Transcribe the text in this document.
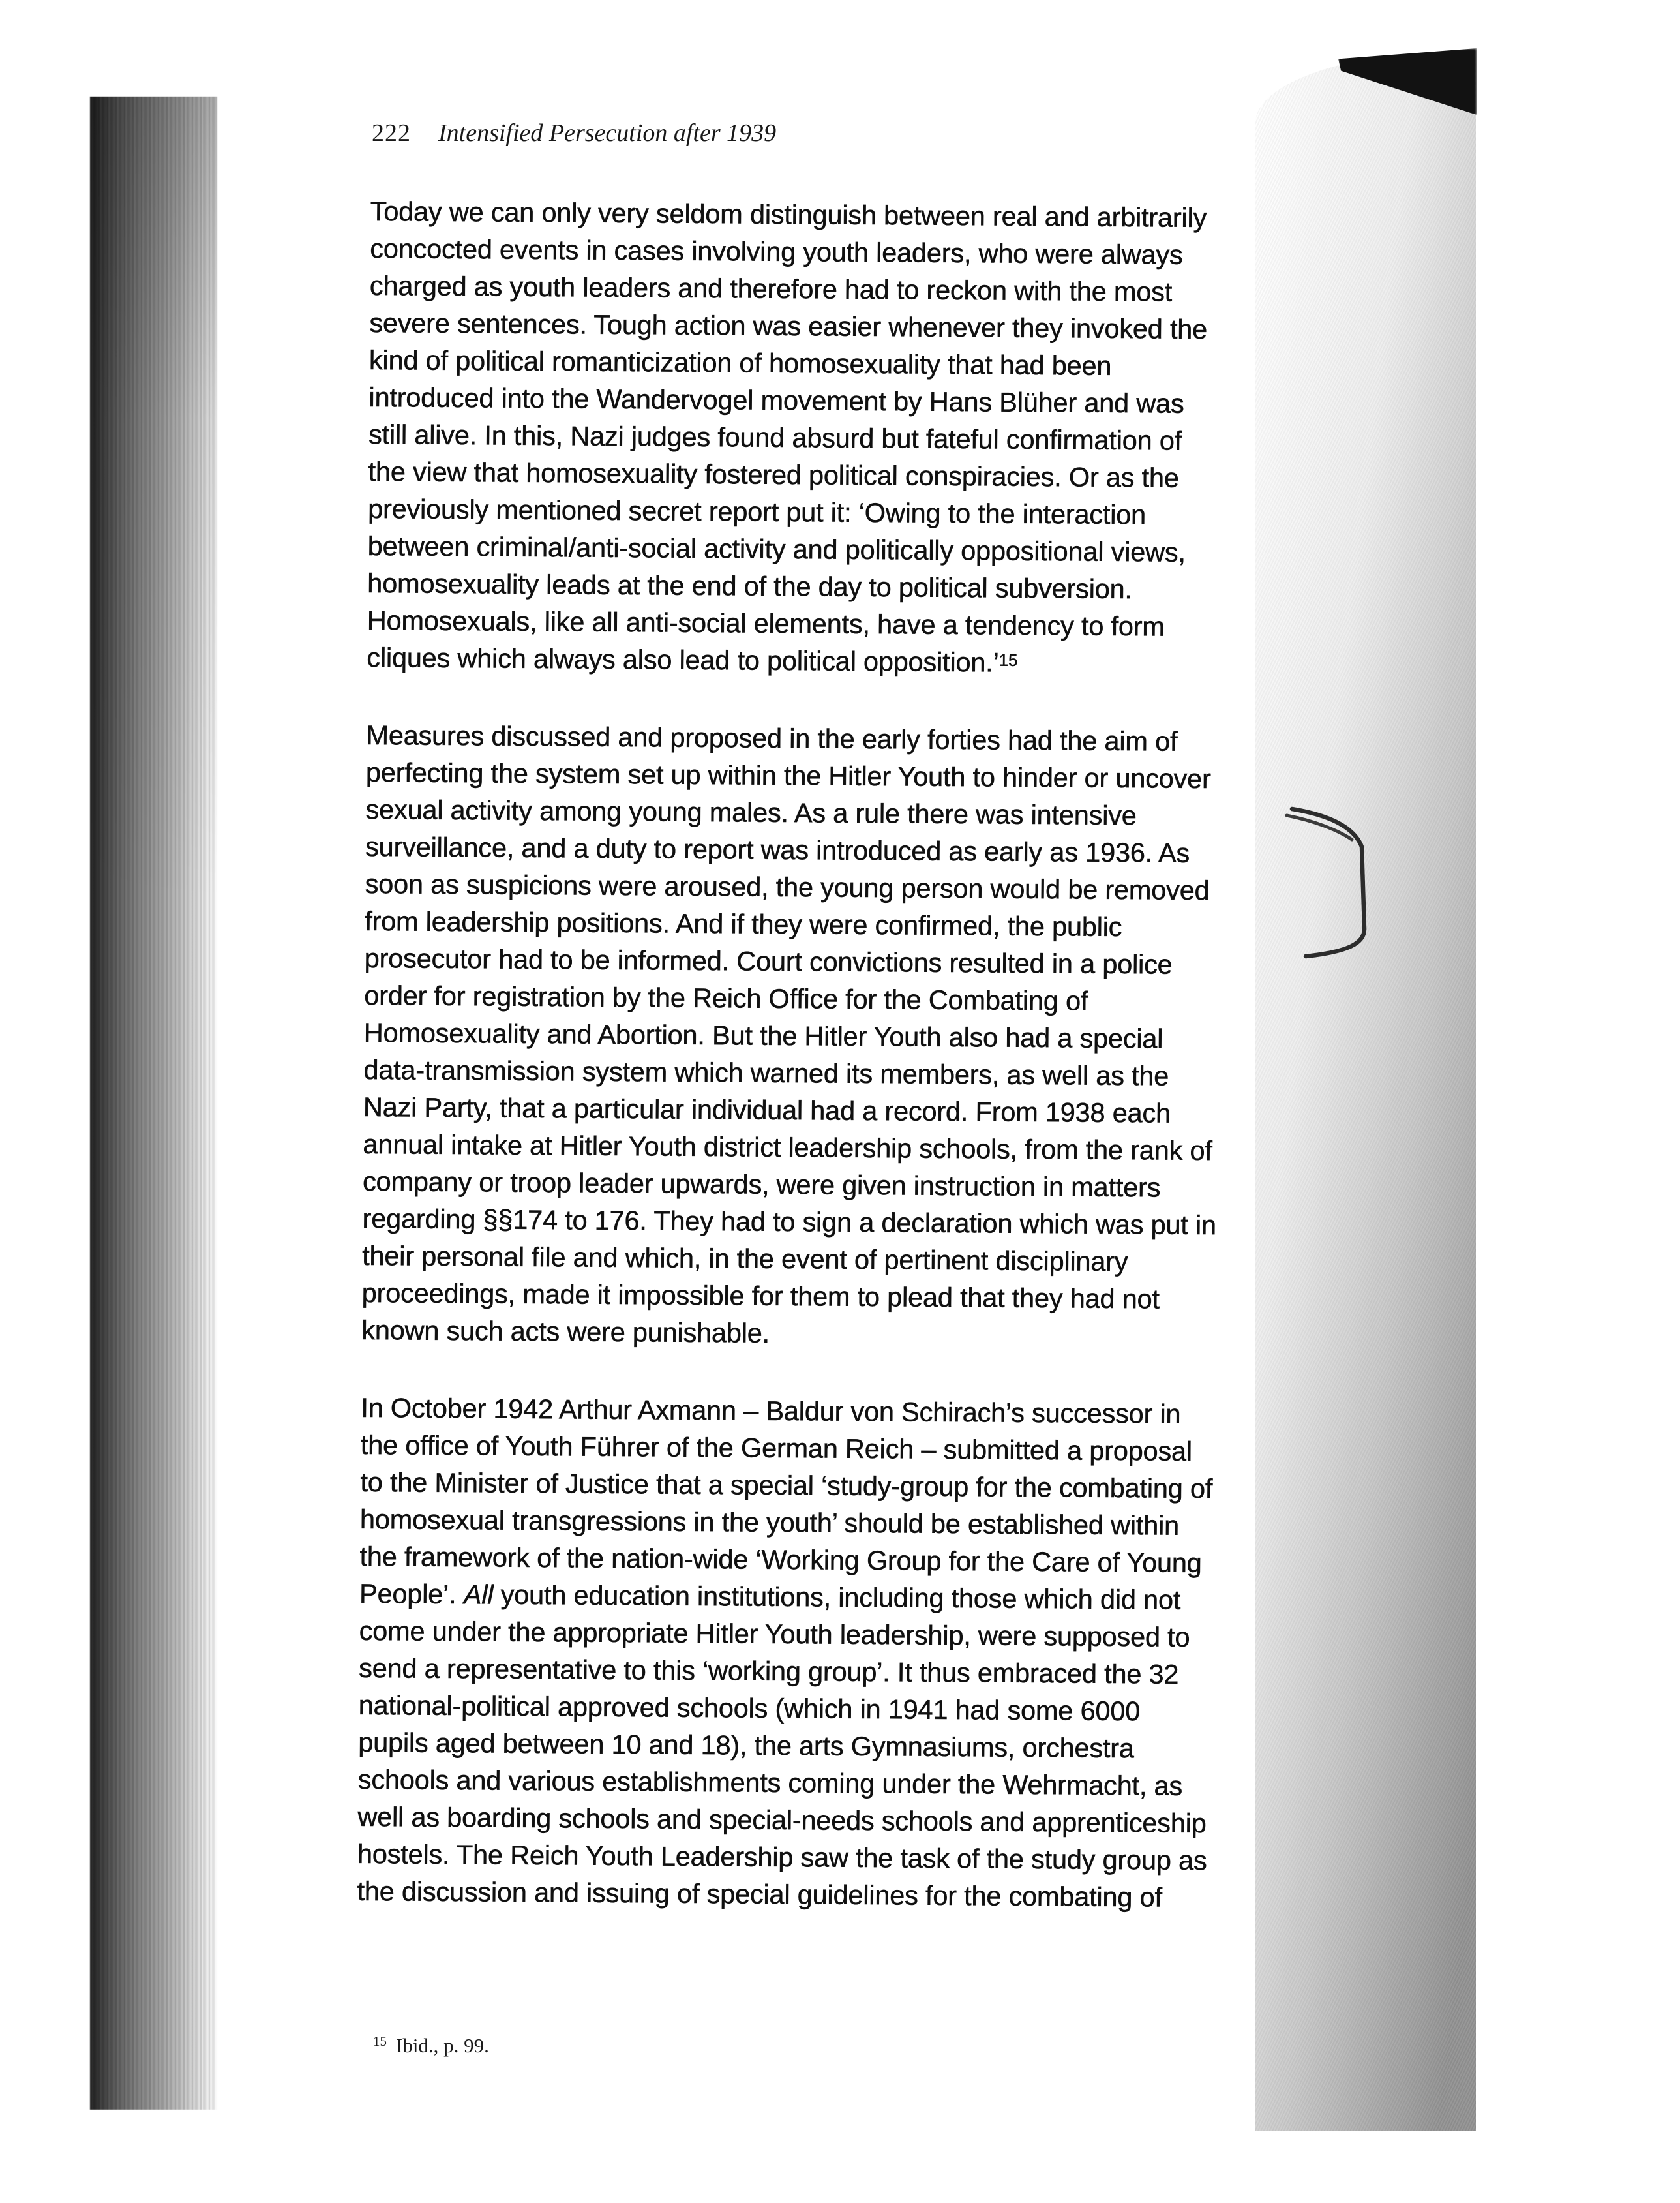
222 Intensified Persecution after 1939
Today we can only very seldom distinguish between real and arbitrarily
concocted events in cases involving youth leaders, who were always
charged as youth leaders and therefore had to reckon with the most
severe sentences. Tough action was easier whenever they invoked the
kind of political romanticization of homosexuality that had been
introduced into the Wandervogel movement by Hans Blüher and was
still alive. In this, Nazi judges found absurd but fateful confirmation of
the view that homosexuality fostered political conspiracies. Or as the
previously mentioned secret report put it: ‘Owing to the interaction
between criminal/anti-social activity and politically oppositional views,
homosexuality leads at the end of the day to political subversion.
Homosexuals, like all anti-social elements, have a tendency to form
cliques which always also lead to political opposition.’$^{15}$
Measures discussed and proposed in the early forties had the aim of
perfecting the system set up within the Hitler Youth to hinder or uncover
sexual activity among young males. As a rule there was intensive
surveillance, and a duty to report was introduced as early as 1936. As
soon as suspicions were aroused, the young person would be removed
from leadership positions. And if they were confirmed, the public
prosecutor had to be informed. Court convictions resulted in a police
order for registration by the Reich Office for the Combating of
Homosexuality and Abortion. But the Hitler Youth also had a special
data-transmission system which warned its members, as well as the
Nazi Party, that a particular individual had a record. From 1938 each
annual intake at Hitler Youth district leadership schools, from the rank of
company or troop leader upwards, were given instruction in matters
regarding §§174 to 176. They had to sign a declaration which was put in
their personal file and which, in the event of pertinent disciplinary
proceedings, made it impossible for them to plead that they had not
known such acts were punishable.
In October 1942 Arthur Axmann – Baldur von Schirach’s successor in
the office of Youth Führer of the German Reich – submitted a proposal
to the Minister of Justice that a special ‘study-group for the combating of
homosexual transgressions in the youth’ should be established within
the framework of the nation-wide ‘Working Group for the Care of Young
People’. All youth education institutions, including those which did not
come under the appropriate Hitler Youth leadership, were supposed to
send a representative to this ‘working group’. It thus embraced the 32
national-political approved schools (which in 1941 had some 6000
pupils aged between 10 and 18), the arts Gymnasiums, orchestra
schools and various establishments coming under the Wehrmacht, as
well as boarding schools and special-needs schools and apprenticeship
hostels. The Reich Youth Leadership saw the task of the study group as
the discussion and issuing of special guidelines for the combating of
$^{15}$ Ibid., p. 99.
